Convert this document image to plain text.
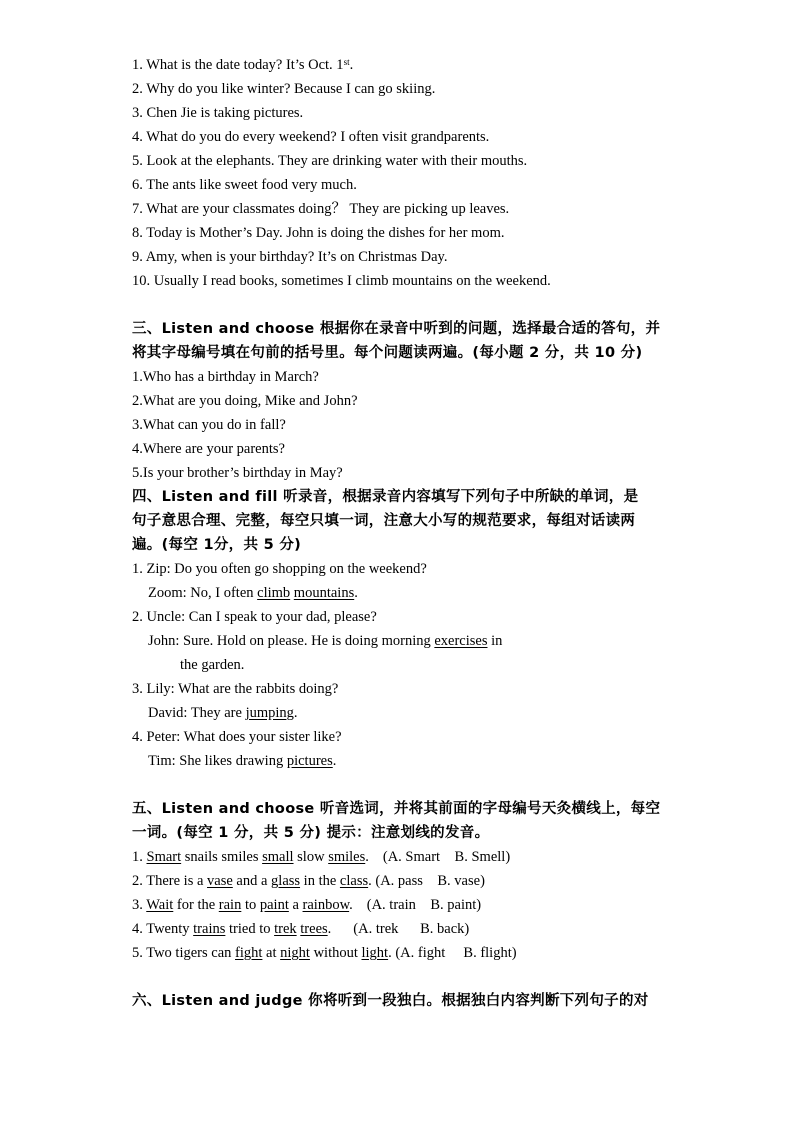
1. What is the date today? It’s Oct. 1st.
2. Why do you like winter? Because I can go skiing.
3. Chen Jie is taking pictures.
4. What do you do every weekend? I often visit grandparents.
5. Look at the elephants. They are drinking water with their mouths.
6. The ants like sweet food very much.
7. What are your classmates doing？ They are picking up leaves.
8. Today is Mother’s Day. John is doing the dishes for her mom.
9. Amy, when is your birthday? It’s on Christmas Day.
10. Usually I read books, sometimes I climb mountains on the weekend.
三、Listen and choose 根据你在录音中听到的问题，选择最合适的答句，并
将其字母编号填在句前的括号里。每个问题读两遍。(每小题 2 分，共 10 分)
1.Who has a birthday in March?
2.What are you doing, Mike and John?
3.What can you do in fall?
4.Where are your parents?
5.Is your brother’s birthday in May?
四、Listen and fill 听录音，根据录音内容填写下列句子中所缺的单词，是
句子意思合理、完整，每空只填一词，注意大小写的规范要求，每组对话读两
遍。(每空 1分，共 5 分)
1. Zip: Do you often go shopping on the weekend?
Zoom: No, I often climb mountains.
2. Uncle: Can I speak to your dad, please?
John: Sure. Hold on please. He is doing morning exercises in
the garden.
3. Lily: What are the rabbits doing?
David: They are jumping.
4. Peter: What does your sister like?
Tim: She likes drawing pictures.
五、Listen and choose 听音选词，并将其前面的字母编号天灸横线上，每空
一词。(每空 1 分，共 5 分) 提示：注意划线的发音。
1. Smart snails smiles small slow smiles. (A. Smart    B. Smell)
2. There is a vase and a glass in the class. (A. pass    B. vase)
3. Wait for the rain to paint a rainbow. (A. train    B. paint)
4. Twenty trains tried to trek trees. (A. trek      B. back)
5. Two tigers can fight at night without light. (A. fight     B. flight)
六、Listen and judge 你将听到一段独白。根据独白内容判断下列句子的对
